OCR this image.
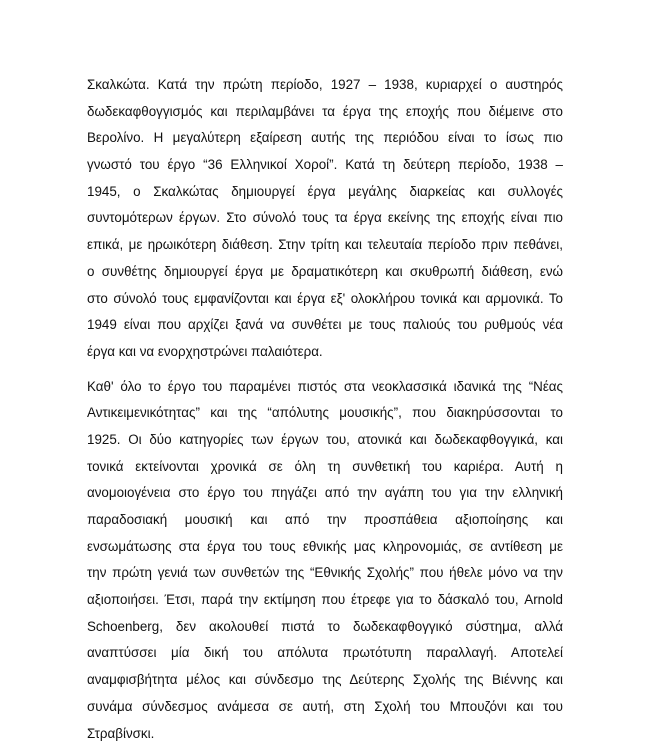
Σκαλκώτα. Κατά την πρώτη περίοδο, 1927 – 1938, κυριαρχεί ο αυστηρός
δωδεκαφθογγισμός και περιλαμβάνει τα έργα της εποχής που διέμεινε στο
Βερολίνο. Η μεγαλύτερη εξαίρεση αυτής της περιόδου είναι το ίσως πιο
γνωστό του έργο “36 Ελληνικοί Χοροί”. Κατά τη δεύτερη περίοδο, 1938 –
1945, ο Σκαλκώτας δημιουργεί έργα μεγάλης διαρκείας και συλλογές
συντομότερων έργων. Στο σύνολό τους τα έργα εκείνης της εποχής είναι πιο
επικά, με ηρωικότερη διάθεση. Στην τρίτη και τελευταία περίοδο πριν πεθάνει,
ο συνθέτης δημιουργεί έργα με δραματικότερη και σκυθρωπή διάθεση, ενώ
στο σύνολό τους εμφανίζονται και έργα εξ' ολοκλήρου τονικά και αρμονικά. Το
1949 είναι που αρχίζει ξανά να συνθέτει με τους παλιούς του ρυθμούς νέα
έργα και να ενορχηστρώνει παλαιότερα.

Καθ' όλο το έργο του παραμένει πιστός στα νεοκλασσικά ιδανικά της “Νέας
Αντικειμενικότητας” και της “απόλυτης μουσικής”, που διακηρύσσονται το
1925. Οι δύο κατηγορίες των έργων του, ατονικά και δωδεκαφθογγικά, και
τονικά εκτείνονται χρονικά σε όλη τη συνθετική του καριέρα. Αυτή η
ανομοιογένεια στο έργο του πηγάζει από την αγάπη του για την ελληνική
παραδοσιακή μουσική και από την προσπάθεια αξιοποίησης και
ενσωμάτωσης στα έργα του τους εθνικής μας κληρονομιάς, σε αντίθεση με
την πρώτη γενιά των συνθετών της “Εθνικής Σχολής” που ήθελε μόνο να την
αξιοποιήσει. Έτσι, παρά την εκτίμηση που έτρεφε για το δάσκαλό του, Arnold
Schoenberg, δεν ακολουθεί πιστά το δωδεκαφθογγικό σύστημα, αλλά
αναπτύσσει μία δική του απόλυτα πρωτότυπη παραλλαγή. Αποτελεί
αναμφισβήτητα μέλος και σύνδεσμο της Δεύτερης Σχολής της Βιέννης και
συνάμα σύνδεσμος ανάμεσα σε αυτή, στη Σχολή του Μπουζόνι και του
Στραβίνσκι.
